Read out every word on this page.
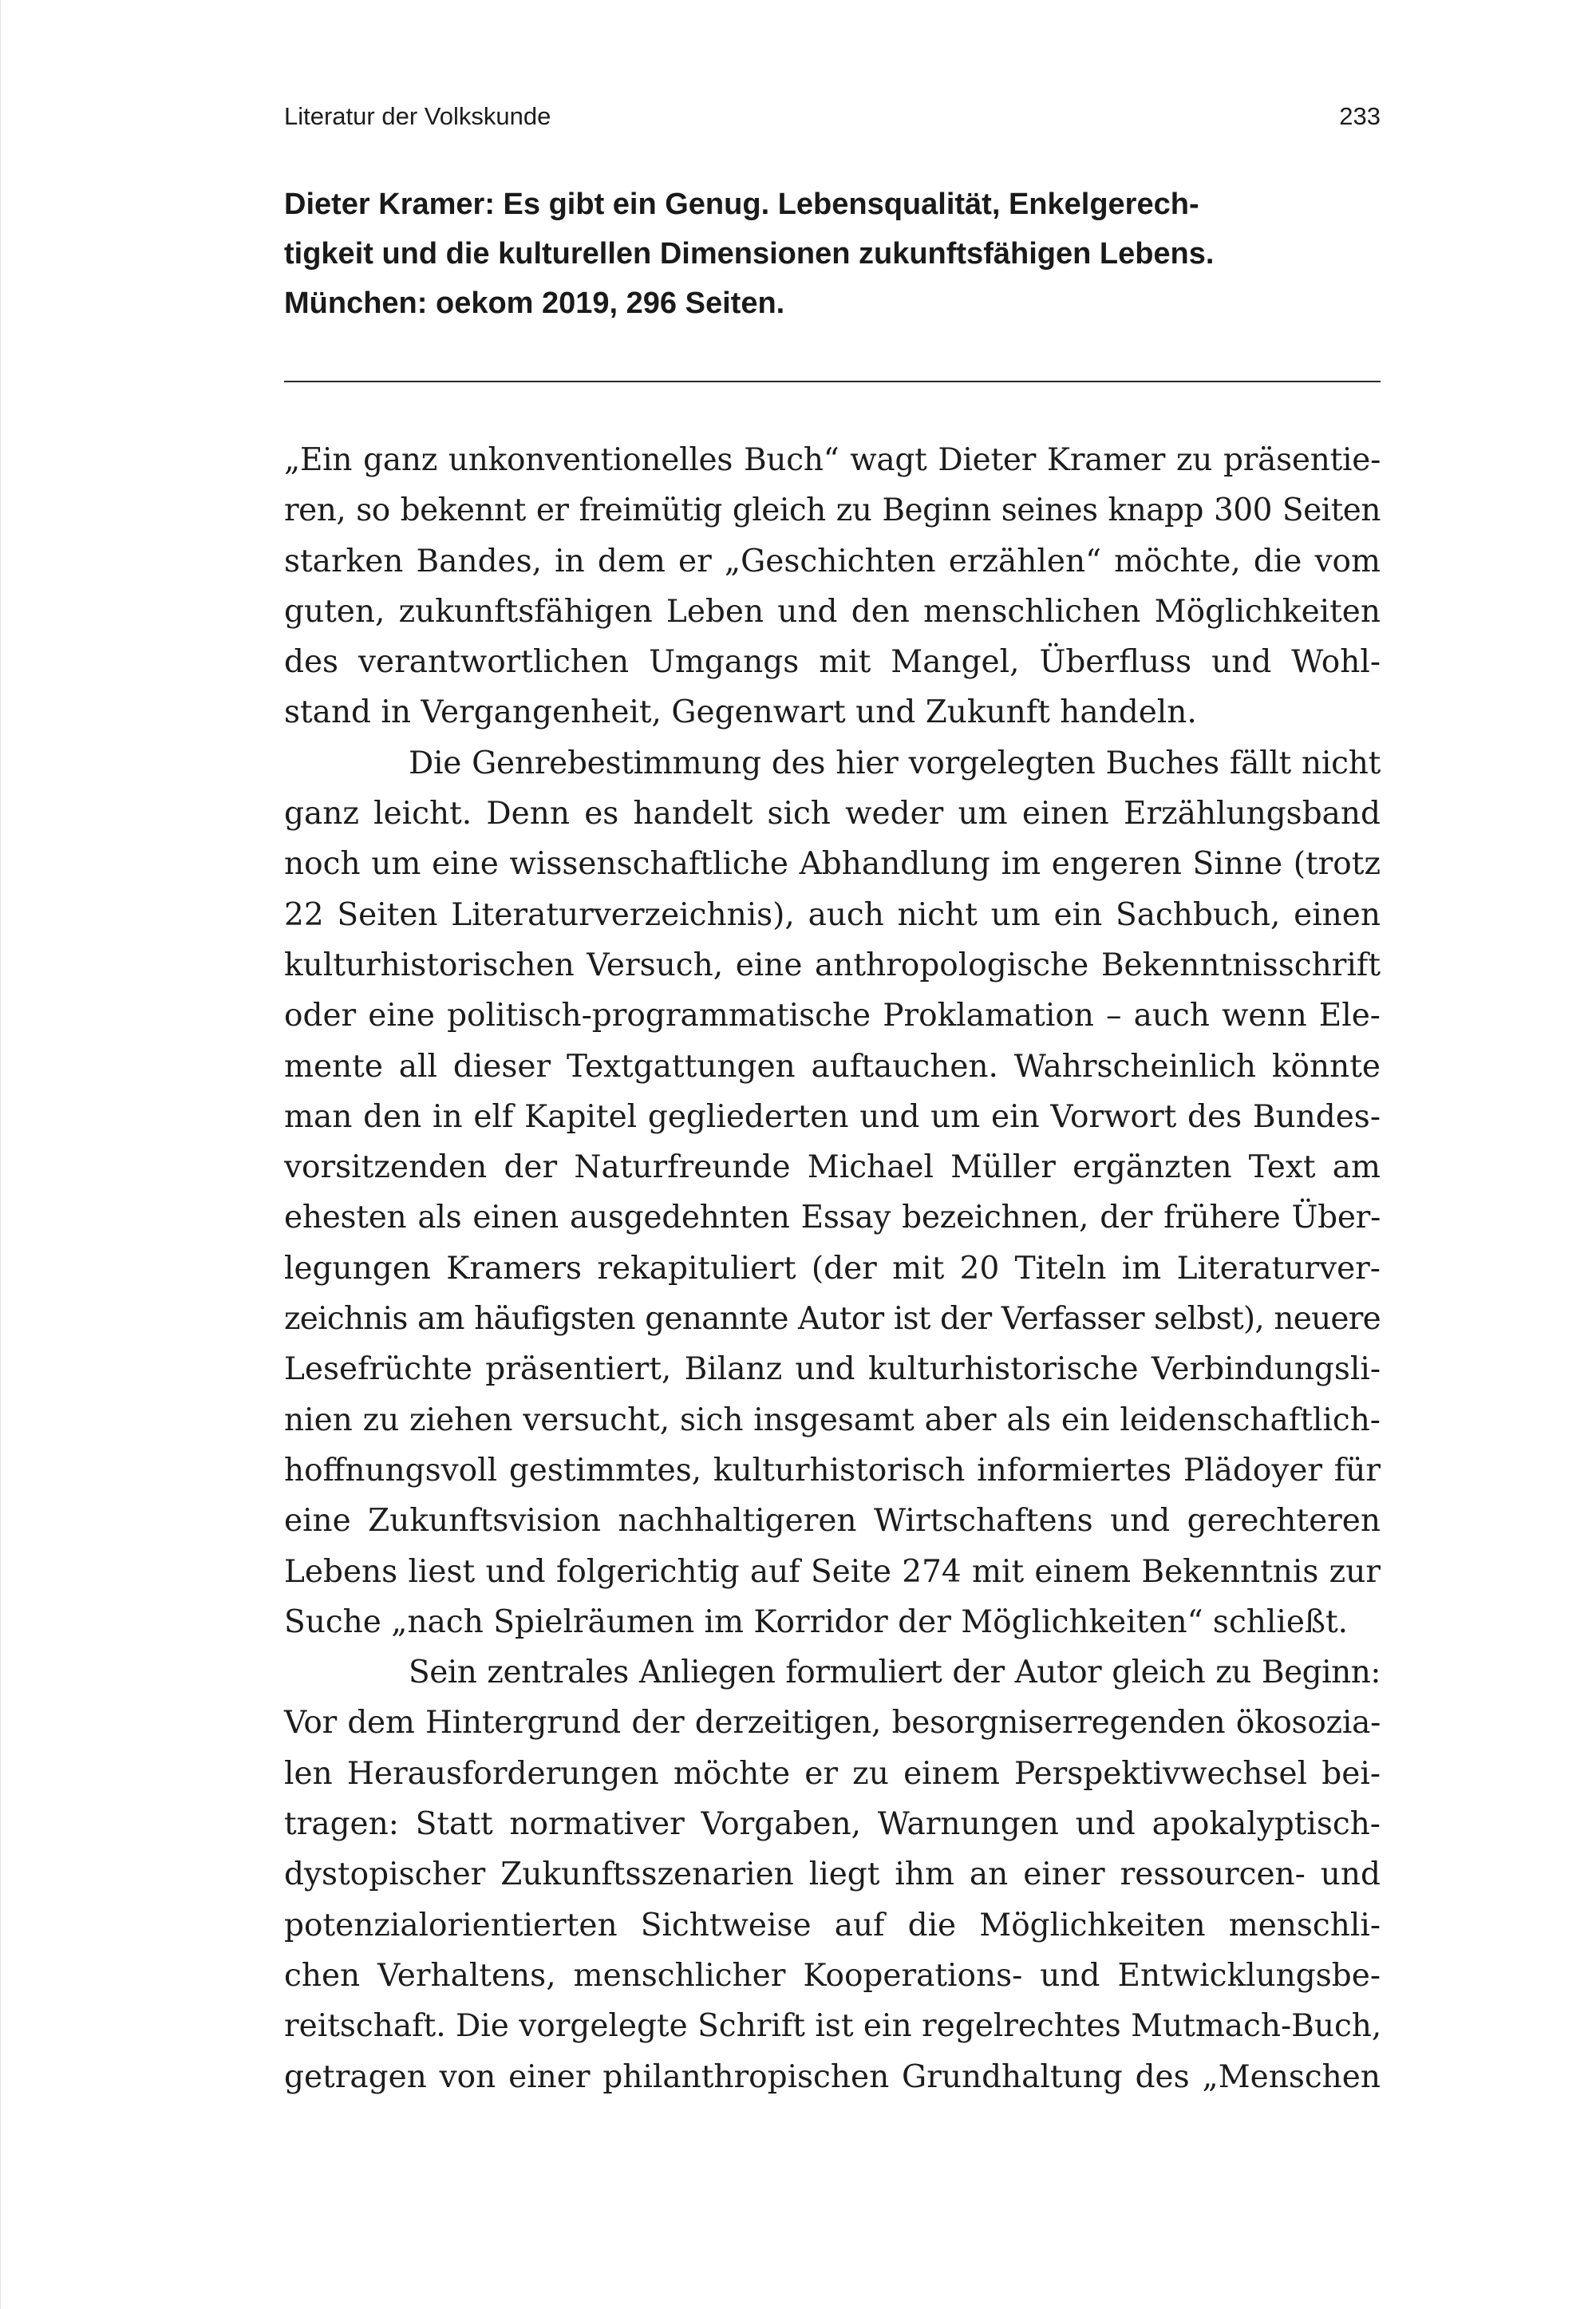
Literatur der Volkskunde	233
Dieter Kramer: Es gibt ein Genug. Lebensqualität, Enkelgerech-
tigkeit und die kulturellen Dimensionen zukunftsfähigen Lebens.
München: oekom 2019, 296 Seiten.
„Ein ganz unkonventionelles Buch“ wagt Dieter Kramer zu präsentie-
ren, so bekennt er freimütig gleich zu Beginn seines knapp 300 Seiten
starken Bandes, in dem er „Geschichten erzählen“ möchte, die vom
guten, zukunftsfähigen Leben und den menschlichen Möglichkeiten
des verantwortlichen Umgangs mit Mangel, Überfluss und Wohl-
stand in Vergangenheit, Gegenwart und Zukunft handeln.
Die Genrebestimmung des hier vorgelegten Buches fällt nicht
ganz leicht. Denn es handelt sich weder um einen Erzählungsband
noch um eine wissenschaftliche Abhandlung im engeren Sinne (trotz
22 Seiten Literaturverzeichnis), auch nicht um ein Sachbuch, einen
kulturhistorischen Versuch, eine anthropologische Bekenntnisschrift
oder eine politisch-programmatische Proklamation – auch wenn Ele-
mente all dieser Textgattungen auftauchen. Wahrscheinlich könnte
man den in elf Kapitel gegliederten und um ein Vorwort des Bundes-
vorsitzenden der Naturfreunde Michael Müller ergänzten Text am
ehesten als einen ausgedehnten Essay bezeichnen, der frühere Über-
legungen Kramers rekapituliert (der mit 20 Titeln im Literaturver-
zeichnis am häufigsten genannte Autor ist der Verfasser selbst), neuere
Lesefrüchte präsentiert, Bilanz und kulturhistorische Verbindungsli-
nien zu ziehen versucht, sich insgesamt aber als ein leidenschaftlich-
hoffnungsvoll gestimmtes, kulturhistorisch informiertes Plädoyer für
eine Zukunftsvision nachhaltigeren Wirtschaftens und gerechteren
Lebens liest und folgerichtig auf Seite 274 mit einem Bekenntnis zur
Suche „nach Spielräumen im Korridor der Möglichkeiten“ schließt.
Sein zentrales Anliegen formuliert der Autor gleich zu Beginn:
Vor dem Hintergrund der derzeitigen, besorgniserregenden ökosozia-
len Herausforderungen möchte er zu einem Perspektivwechsel bei-
tragen: Statt normativer Vorgaben, Warnungen und apokalyptisch-
dystopischer Zukunftsszenarien liegt ihm an einer ressourcen- und
potenzialorientierten Sichtweise auf die Möglichkeiten menschli-
chen Verhaltens, menschlicher Kooperations- und Entwicklungsbe-
reitschaft. Die vorgelegte Schrift ist ein regelrechtes Mutmach-Buch,
getragen von einer philanthropischen Grundhaltung des „Menschen
